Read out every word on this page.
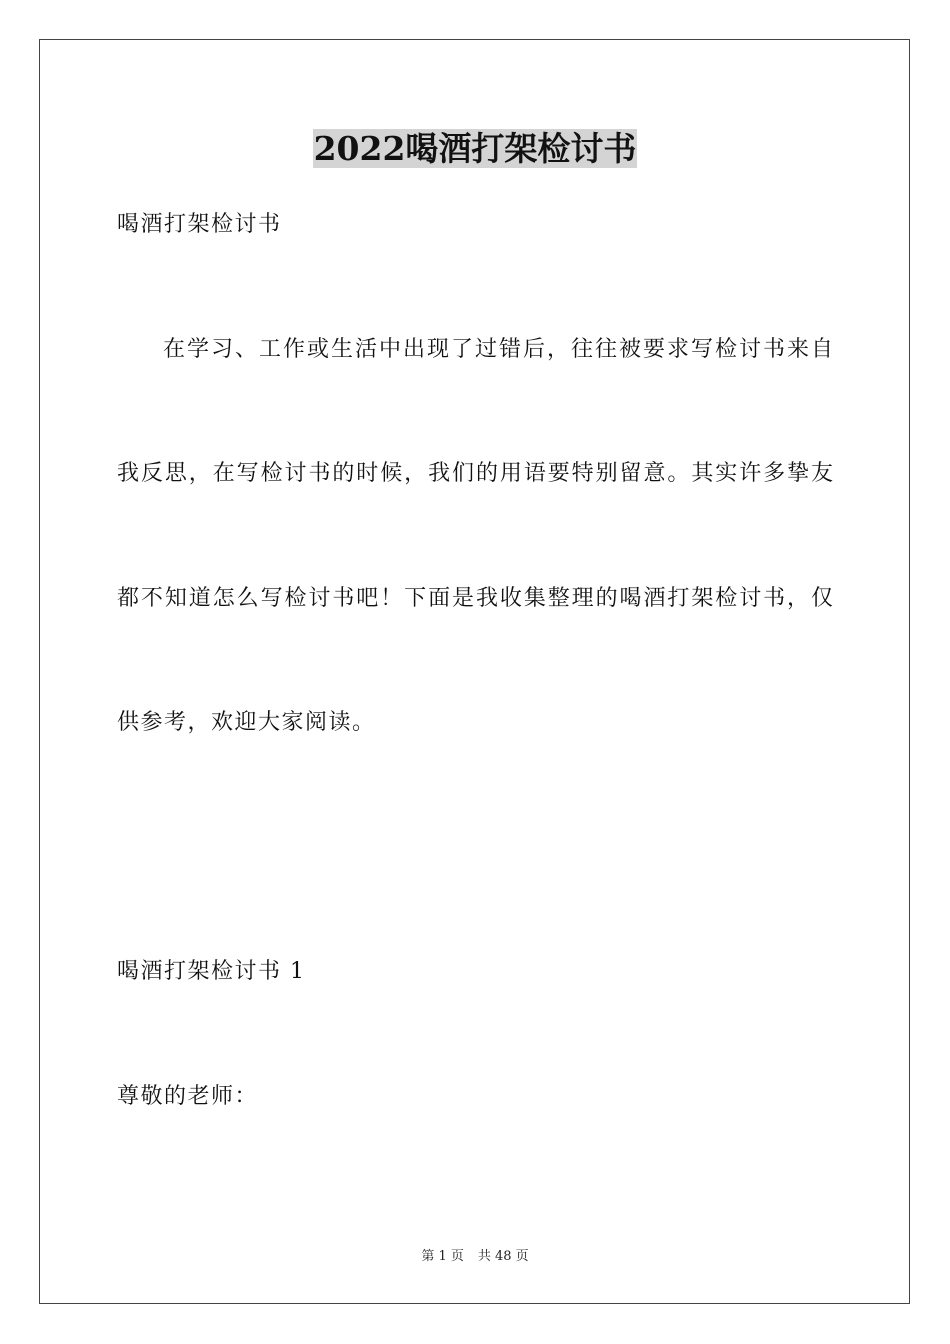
2022喝酒打架检讨书
喝酒打架检讨书
在学习、工作或生活中出现了过错后，往往被要求写检讨书来自
我反思，在写检讨书的时候，我们的用语要特别留意。其实许多挚友
都不知道怎么写检讨书吧！下面是我收集整理的喝酒打架检讨书，仅
供参考，欢迎大家阅读。
喝酒打架检讨书 1
尊敬的老师：
第 1 页 共 48 页
